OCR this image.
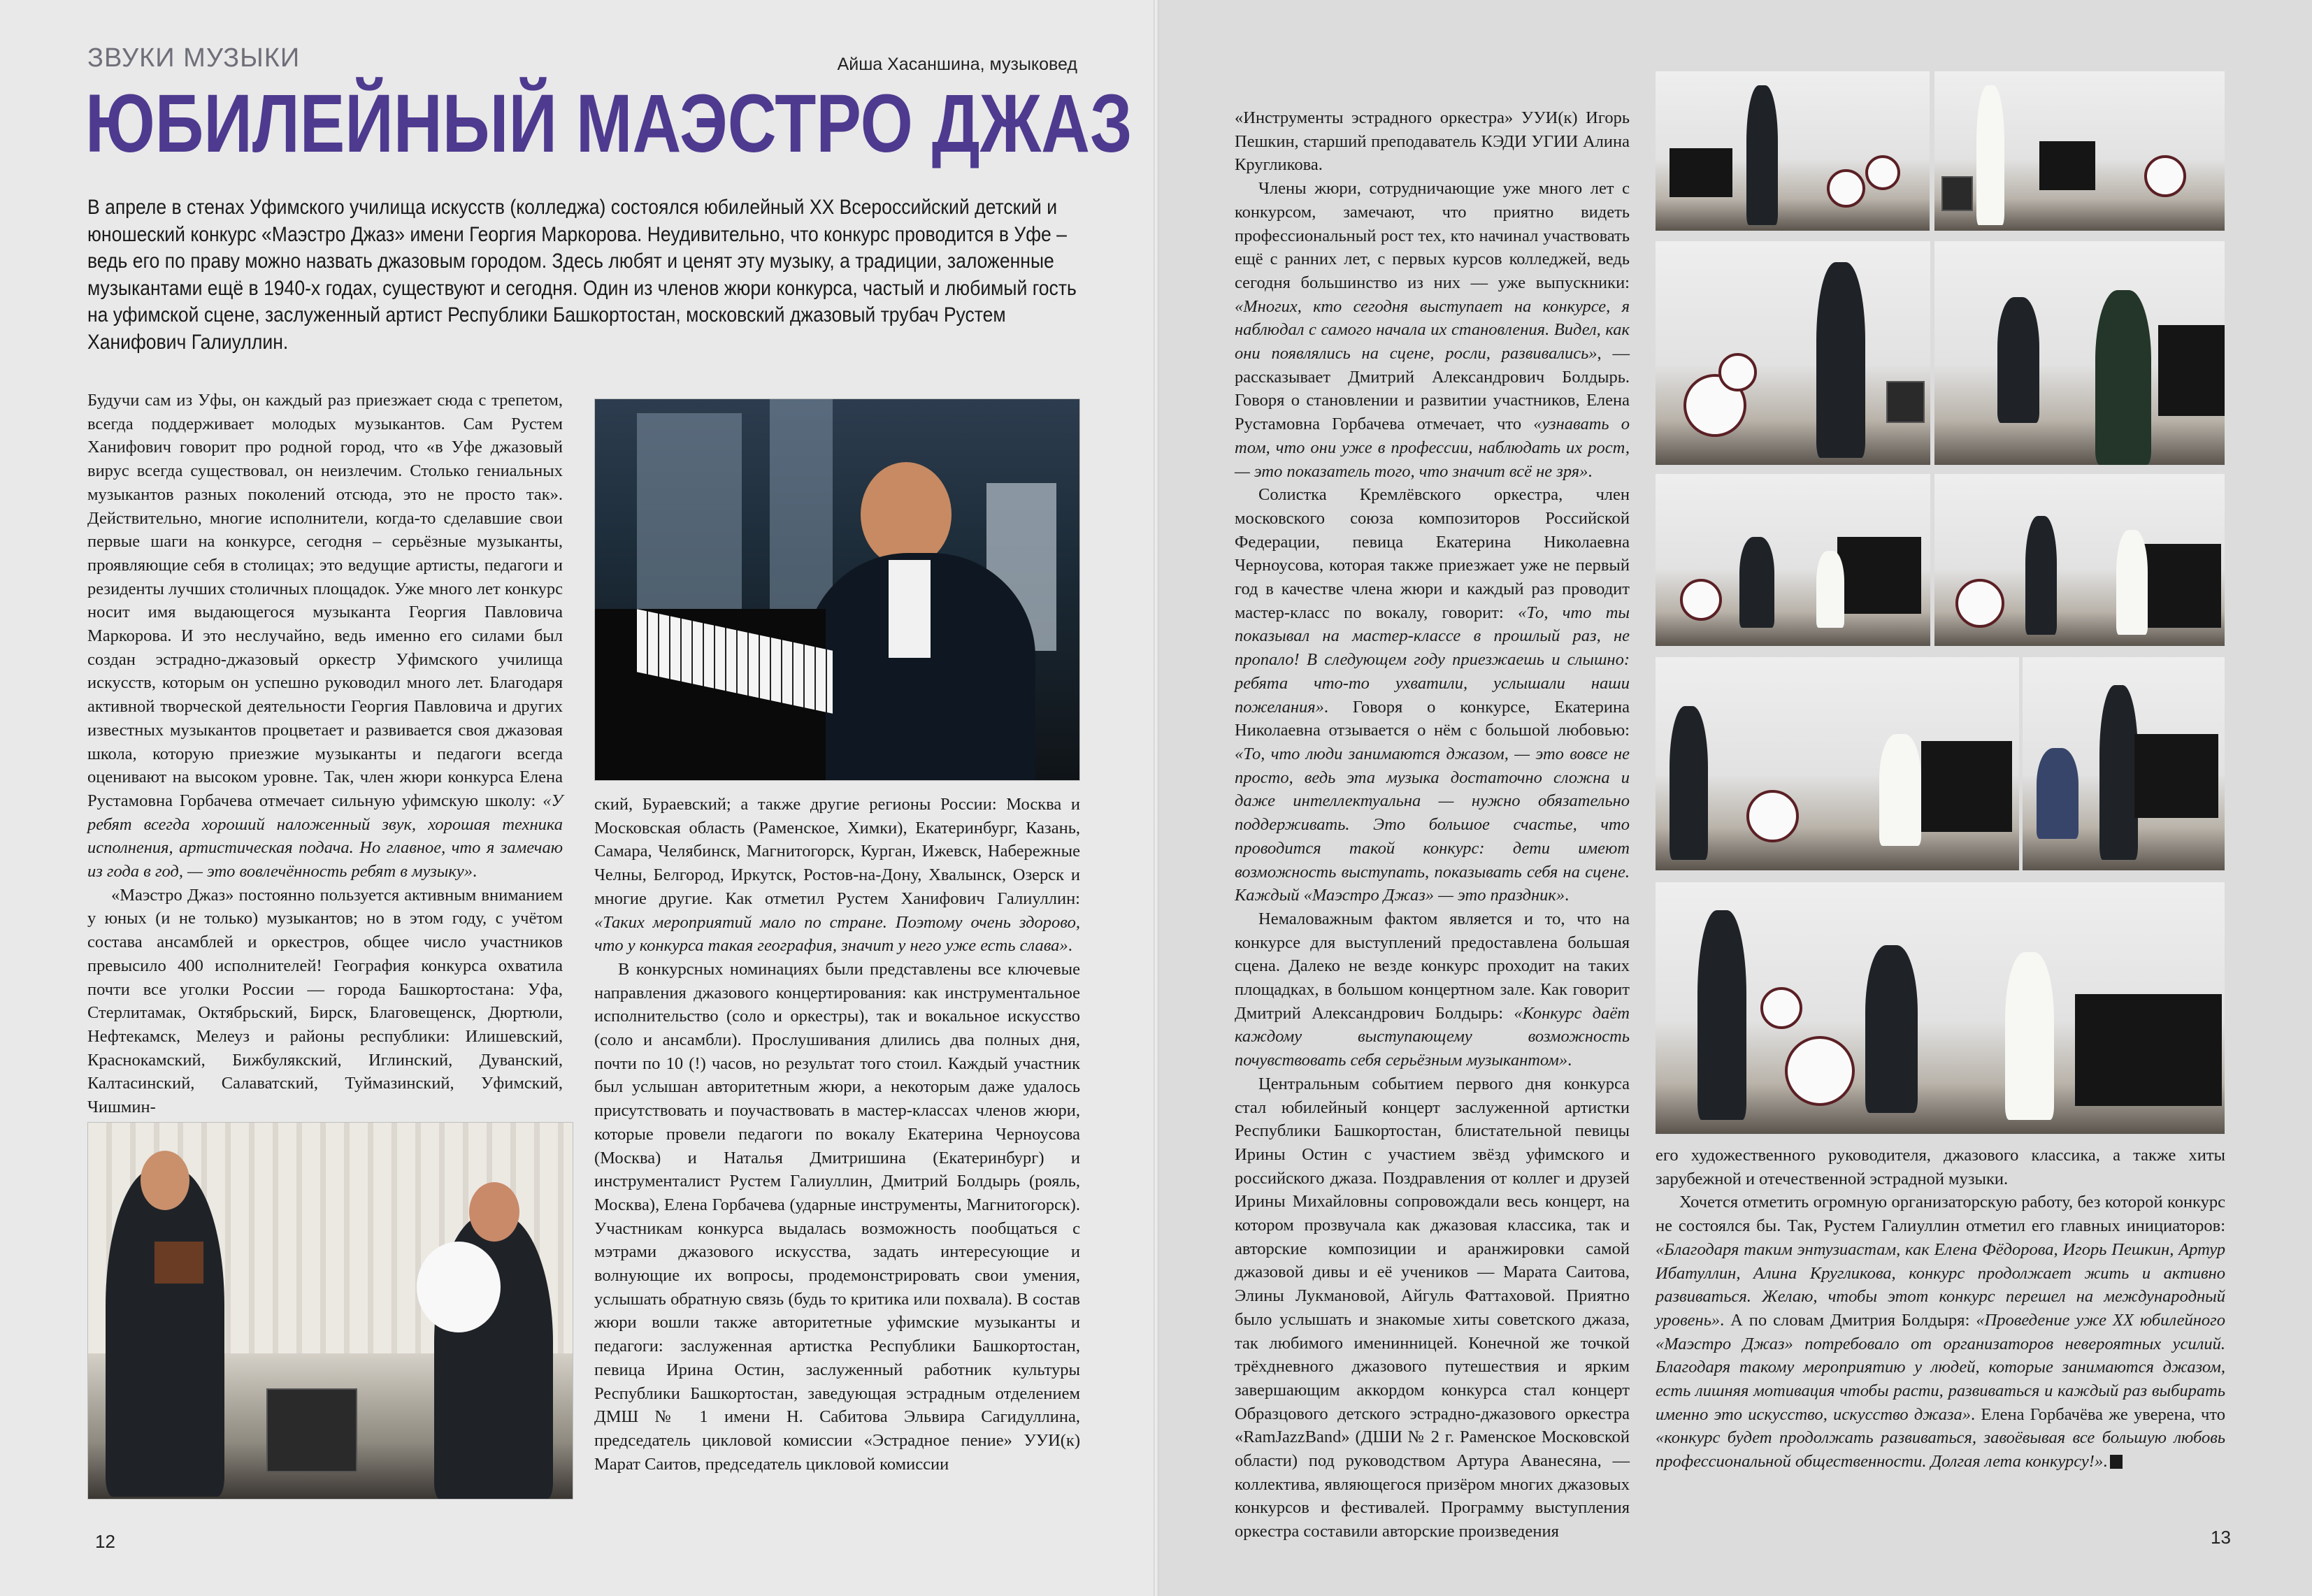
ЗВУКИ МУЗЫКИ	Айша Хасаншина, музыковед
ЮБИЛЕЙНЫЙ МАЭСТРО ДЖАЗ

В апреле в стенах Уфимского училища искусств (колледжа) состоялся юбилейный XX Всероссийский детский и юношеский конкурс «Маэстро Джаз» имени Георгия Маркорова. Неудивительно, что конкурс проводится в Уфе – ведь его по праву можно назвать джазовым городом. Здесь любят и ценят эту музыку, а традиции, заложенные музыкантами ещё в 1940-х годах, существуют и сегодня. Один из членов жюри конкурса, частый и любимый гость на уфимской сцене, заслуженный артист Республики Башкортостан, московский джазовый трубач Рустем Ханифович Галиуллин.

Будучи сам из Уфы, он каждый раз приезжает сюда с трепетом, всегда поддерживает молодых музыкантов. Сам Рустем Ханифович говорит про родной город, что «в Уфе джазовый вирус всегда существовал, он неизлечим. Столько гениальных музыкантов разных поколений отсюда, это не просто так». Действительно, многие исполнители, когда-то сделавшие свои первые шаги на конкурсе, сегодня – серьёзные музыканты, проявляющие себя в столицах; это ведущие артисты, педагоги и резиденты лучших столичных площадок. Уже много лет конкурс носит имя выдающегося музыканта Георгия Павловича Маркорова. И это неслучайно, ведь именно его силами был создан эстрадно-джазовый оркестр Уфимского училища искусств, которым он успешно руководил много лет. Благодаря активной творческой деятельности Георгия Павловича и других известных музыкантов процветает и развивается своя джазовая школа, которую приезжие музыканты и педагоги всегда оценивают на высоком уровне. Так, член жюри конкурса Елена Рустамовна Горбачева отмечает сильную уфимскую школу: «У ребят всегда хороший наложенный звук, хорошая техника исполнения, артистическая подача. Но главное, что я замечаю из года в год, — это вовлечённость ребят в музыку».

«Маэстро Джаз» постоянно пользуется активным вниманием у юных (и не только) музыкантов; но в этом году, с учётом состава ансамблей и оркестров, общее число участников превысило 400 исполнителей! География конкурса охватила почти все уголки России — города Башкортостана: Уфа, Стерлитамак, Октябрьский, Бирск, Благовещенск, Дюртюли, Нефтекамск, Мелеуз и районы республики: Илишевский, Краснокамский, Бижбулякский, Иглинский, Дуванский, Калтасинский, Салаватский, Туймазинский, Уфимский, Чишмин-

ский, Бураевский; а также другие регионы России: Москва и Московская область (Раменское, Химки), Екатеринбург, Казань, Самара, Челябинск, Магнитогорск, Курган, Ижевск, Набережные Челны, Белгород, Иркутск, Ростов-на-Дону, Хвалынск, Озерск и многие другие. Как отметил Рустем Ханифович Галиуллин: «Таких мероприятий мало по стране. Поэтому очень здорово, что у конкурса такая география, значит у него уже есть слава».

В конкурсных номинациях были представлены все ключевые направления джазового концертирования: как инструментальное исполнительство (соло и оркестры), так и вокальное искусство (соло и ансамбли). Прослушивания длились два полных дня, почти по 10 (!) часов, но результат того стоил. Каждый участник был услышан авторитетным жюри, а некоторым даже удалось присутствовать и поучаствовать в мастер-классах членов жюри, которые провели педагоги по вокалу Екатерина Черноусова (Москва) и Наталья Дмитришина (Екатеринбург) и инструменталист Рустем Галиуллин, Дмитрий Болдырь (рояль, Москва), Елена Горбачева (ударные инструменты, Магнитогорск). Участникам конкурса выдалась возможность пообщаться с мэтрами джазового искусства, задать интересующие и волнующие их вопросы, продемонстрировать свои умения, услышать обратную связь (будь то критика или похвала). В состав жюри вошли также авторитетные уфимские музыканты и педагоги: заслуженная артистка Республики Башкортостан, певица Ирина Остин, заслуженный работник культуры Республики Башкортостан, заведующая эстрадным отделением ДМШ № 1 имени Н. Сабитова Эльвира Сагидуллина, председатель цикловой комиссии «Эстрадное пение» УУИ(к) Марат Саитов, председатель цикловой комиссии

12

«Инструменты эстрадного оркестра» УУИ(к) Игорь Пешкин, старший преподаватель КЭДИ УГИИ Алина Кругликова.

Члены жюри, сотрудничающие уже много лет с конкурсом, замечают, что приятно видеть профессиональный рост тех, кто начинал участвовать ещё с ранних лет, с первых курсов колледжей, ведь сегодня большинство из них — уже выпускники: «Многих, кто сегодня выступает на конкурсе, я наблюдал с самого начала их становления. Видел, как они появлялись на сцене, росли, развивались», — рассказывает Дмитрий Александрович Болдырь. Говоря о становлении и развитии участников, Елена Рустамовна Горбачева отмечает, что «узнавать о том, что они уже в профессии, наблюдать их рост, — это показатель того, что значит всё не зря».

Солистка Кремлёвского оркестра, член московского союза композиторов Российской Федерации, певица Екатерина Николаевна Черноусова, которая также приезжает уже не первый год в качестве члена жюри и каждый раз проводит мастер-класс по вокалу, говорит: «То, что ты показывал на мастер-классе в прошлый раз, не пропало! В следующем году приезжаешь и слышно: ребята что-то ухватили, услышали наши пожелания». Говоря о конкурсе, Екатерина Николаевна отзывается о нём с большой любовью: «То, что люди занимаются джазом, — это вовсе не просто, ведь эта музыка достаточно сложна и даже интеллектуальна — нужно обязательно поддерживать. Это большое счастье, что проводится такой конкурс: дети имеют возможность выступать, показывать себя на сцене. Каждый «Маэстро Джаз» — это праздник».

Немаловажным фактом является и то, что на конкурсе для выступлений предоставлена большая сцена. Далеко не везде конкурс проходит на таких площадках, в большом концертном зале. Как говорит Дмитрий Александрович Болдырь: «Конкурс даёт каждому выступающему возможность почувствовать себя серьёзным музыкантом».

Центральным событием первого дня конкурса стал юбилейный концерт заслуженной артистки Республики Башкортостан, блистательной певицы Ирины Остин с участием звёзд уфимского и российского джаза. Поздравления от коллег и друзей Ирины Михайловны сопровождали весь концерт, на котором прозвучала как джазовая классика, так и авторские композиции и аранжировки самой джазовой дивы и её учеников — Марата Саитова, Элины Лукмановой, Айгуль Фаттаховой. Приятно было услышать и знакомые хиты советского джаза, так любимого именинницей. Конечной же точкой трёхдневного джазового путешествия и ярким завершающим аккордом конкурса стал концерт Образцового детского эстрадно-джазового оркестра «RamJazzBand» (ДШИ № 2 г. Раменское Московской области) под руководством Артура Аванесяна, — коллектива, являющегося призёром многих джазовых конкурсов и фестивалей. Программу выступления оркестра составили авторские произведения

его художественного руководителя, джазового классика, а также хиты зарубежной и отечественной эстрадной музыки.

Хочется отметить огромную организаторскую работу, без которой конкурс не состоялся бы. Так, Рустем Галиуллин отметил его главных инициаторов: «Благодаря таким энтузиастам, как Елена Фёдорова, Игорь Пешкин, Артур Ибатуллин, Алина Кругликова, конкурс продолжает жить и активно развиваться. Желаю, чтобы этот конкурс перешел на международный уровень». А по словам Дмитрия Болдыря: «Проведение уже XX юбилейного «Маэстро Джаз» потребовало от организаторов невероятных усилий. Благодаря такому мероприятию у людей, которые занимаются джазом, есть лишняя мотивация чтобы расти, развиваться и каждый раз выбирать именно это искусство, искусство джаза». Елена Горбачёва же уверена, что «конкурс будет продолжать развиваться, завоёвывая все большую любовь профессиональной общественности. Долгая лета конкурсу!».

13
